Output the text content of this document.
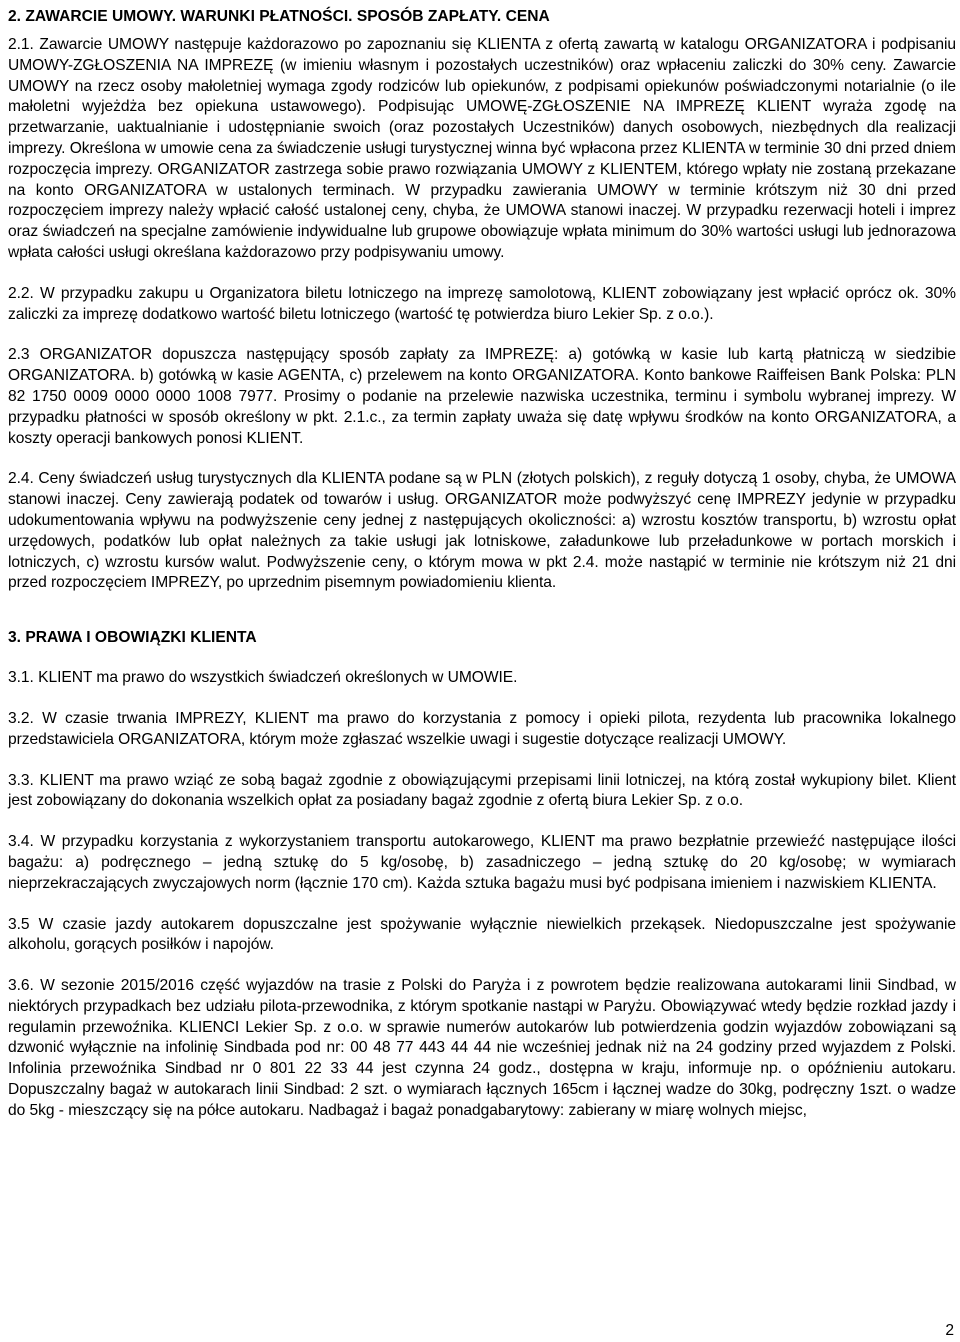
2. ZAWARCIE UMOWY. WARUNKI PŁATNOŚCI. SPOSÓB ZAPŁATY. CENA

2.1. Zawarcie UMOWY następuje każdorazowo po zapoznaniu się KLIENTA z ofertą zawartą w katalogu ORGANIZATORA i podpisaniu UMOWY-ZGŁOSZENIA NA IMPREZĘ (w imieniu własnym i pozostałych uczestników) oraz wpłaceniu zaliczki do 30% ceny. Zawarcie UMOWY na rzecz osoby małoletniej wymaga zgody rodziców lub opiekunów, z podpisami opiekunów poświadczonymi notarialnie (o ile małoletni wyjeżdża bez opiekuna ustawowego). Podpisując UMOWĘ-ZGŁOSZENIE NA IMPREZĘ KLIENT wyraża zgodę na przetwarzanie, uaktualnianie i udostępnianie swoich (oraz pozostałych Uczestników) danych osobowych, niezbędnych dla realizacji imprezy. Określona w umowie cena za świadczenie usługi turystycznej winna być wpłacona przez KLIENTA w terminie 30 dni przed dniem rozpoczęcia imprezy. ORGANIZATOR zastrzega sobie prawo rozwiązania UMOWY z KLIENTEM, którego wpłaty nie zostaną przekazane na konto ORGANIZATORA w ustalonych terminach. W przypadku zawierania UMOWY w terminie krótszym niż 30 dni przed rozpoczęciem imprezy należy wpłacić całość ustalonej ceny, chyba, że UMOWA stanowi inaczej. W przypadku rezerwacji hoteli i imprez oraz świadczeń na specjalne zamówienie indywidualne lub grupowe obowiązuje wpłata minimum do 30% wartości usługi lub jednorazowa wpłata całości usługi określana każdorazowo przy podpisywaniu umowy.

2.2. W przypadku zakupu u Organizatora biletu lotniczego na imprezę samolotową, KLIENT zobowiązany jest wpłacić oprócz ok. 30% zaliczki za imprezę dodatkowo wartość biletu lotniczego (wartość tę potwierdza biuro Lekier Sp. z o.o.).

2.3 ORGANIZATOR dopuszcza następujący sposób zapłaty za IMPREZĘ: a) gotówką w kasie lub kartą płatniczą w siedzibie ORGANIZATORA. b) gotówką w kasie AGENTA, c) przelewem na konto ORGANIZATORA. Konto bankowe Raiffeisen Bank Polska: PLN 82 1750 0009 0000 0000 1008 7977. Prosimy o podanie na przelewie nazwiska uczestnika, terminu i symbolu wybranej imprezy. W przypadku płatności w sposób określony w pkt. 2.1.c., za termin zapłaty uważa się datę wpływu środków na konto ORGANIZATORA, a koszty operacji bankowych ponosi KLIENT.

2.4. Ceny świadczeń usług turystycznych dla KLIENTA podane są w PLN (złotych polskich), z reguły dotyczą 1 osoby, chyba, że UMOWA stanowi inaczej. Ceny zawierają podatek od towarów i usług. ORGANIZATOR może podwyższyć cenę IMPREZY jedynie w przypadku udokumentowania wpływu na podwyższenie ceny jednej z następujących okoliczności: a) wzrostu kosztów transportu, b) wzrostu opłat urzędowych, podatków lub opłat należnych za takie usługi jak lotniskowe, załadunkowe lub przeładunkowe w portach morskich i lotniczych, c) wzrostu kursów walut. Podwyższenie ceny, o którym mowa w pkt 2.4. może nastąpić w terminie nie krótszym niż 21 dni przed rozpoczęciem IMPREZY, po uprzednim pisemnym powiadomieniu klienta.

3. PRAWA I OBOWIĄZKI KLIENTA

3.1. KLIENT ma prawo do wszystkich świadczeń określonych w UMOWIE.

3.2. W czasie trwania IMPREZY, KLIENT ma prawo do korzystania z pomocy i opieki pilota, rezydenta lub pracownika lokalnego przedstawiciela ORGANIZATORA, którym może zgłaszać wszelkie uwagi i sugestie dotyczące realizacji UMOWY.

3.3. KLIENT ma prawo wziąć ze sobą bagaż zgodnie z obowiązującymi przepisami linii lotniczej, na którą został wykupiony bilet. Klient jest zobowiązany do dokonania wszelkich opłat za posiadany bagaż zgodnie z ofertą biura Lekier Sp. z o.o.

3.4. W przypadku korzystania z wykorzystaniem transportu autokarowego, KLIENT ma prawo bezpłatnie przewieźć następujące ilości bagażu: a) podręcznego – jedną sztukę do 5 kg/osobę, b) zasadniczego – jedną sztukę do 20 kg/osobę; w wymiarach nieprzekraczających zwyczajowych norm (łącznie 170 cm). Każda sztuka bagażu musi być podpisana imieniem i nazwiskiem KLIENTA.

3.5 W czasie jazdy autokarem dopuszczalne jest spożywanie wyłącznie niewielkich przekąsek. Niedopuszczalne jest spożywanie alkoholu, gorących posiłków i napojów.

3.6. W sezonie 2015/2016 część wyjazdów na trasie z Polski do Paryża i z powrotem będzie realizowana autokarami linii Sindbad, w niektórych przypadkach bez udziału pilota-przewodnika, z którym spotkanie nastąpi w Paryżu. Obowiązywać wtedy będzie rozkład jazdy i regulamin przewoźnika. KLIENCI Lekier Sp. z o.o. w sprawie numerów autokarów lub potwierdzenia godzin wyjazdów zobowiązani są dzwonić wyłącznie na infolinię Sindbada pod nr: 00 48 77 443 44 44 nie wcześniej jednak niż na 24 godziny przed wyjazdem z Polski. Infolinia przewoźnika Sindbad nr 0 801 22 33 44 jest czynna 24 godz., dostępna w kraju, informuje np. o opóźnieniu autokaru. Dopuszczalny bagaż w autokarach linii Sindbad: 2 szt. o wymiarach łącznych 165cm i łącznej wadze do 30kg, podręczny 1szt. o wadze do 5kg - mieszczący się na półce autokaru. Nadbagaż i bagaż ponadgabarytowy: zabierany w miarę wolnych miejsc,

2
